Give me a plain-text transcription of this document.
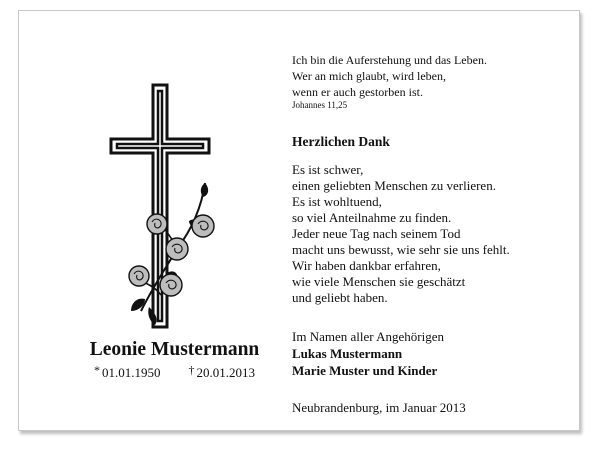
Leonie Mustermann
* 01.01.1950 † 20.01.2013
Ich bin die Auferstehung und das Leben.
Wer an mich glaubt, wird leben,
wenn er auch gestorben ist.
Johannes 11,25
Herzlichen Dank
Es ist schwer,
einen geliebten Menschen zu verlieren.
Es ist wohltuend,
so viel Anteilnahme zu finden.
Jeder neue Tag nach seinem Tod
macht uns bewusst, wie sehr sie uns fehlt.
Wir haben dankbar erfahren,
wie viele Menschen sie geschätzt
und geliebt haben.
Im Namen aller Angehörigen
Lukas Mustermann
Marie Muster und Kinder
Neubrandenburg, im Januar 2013
